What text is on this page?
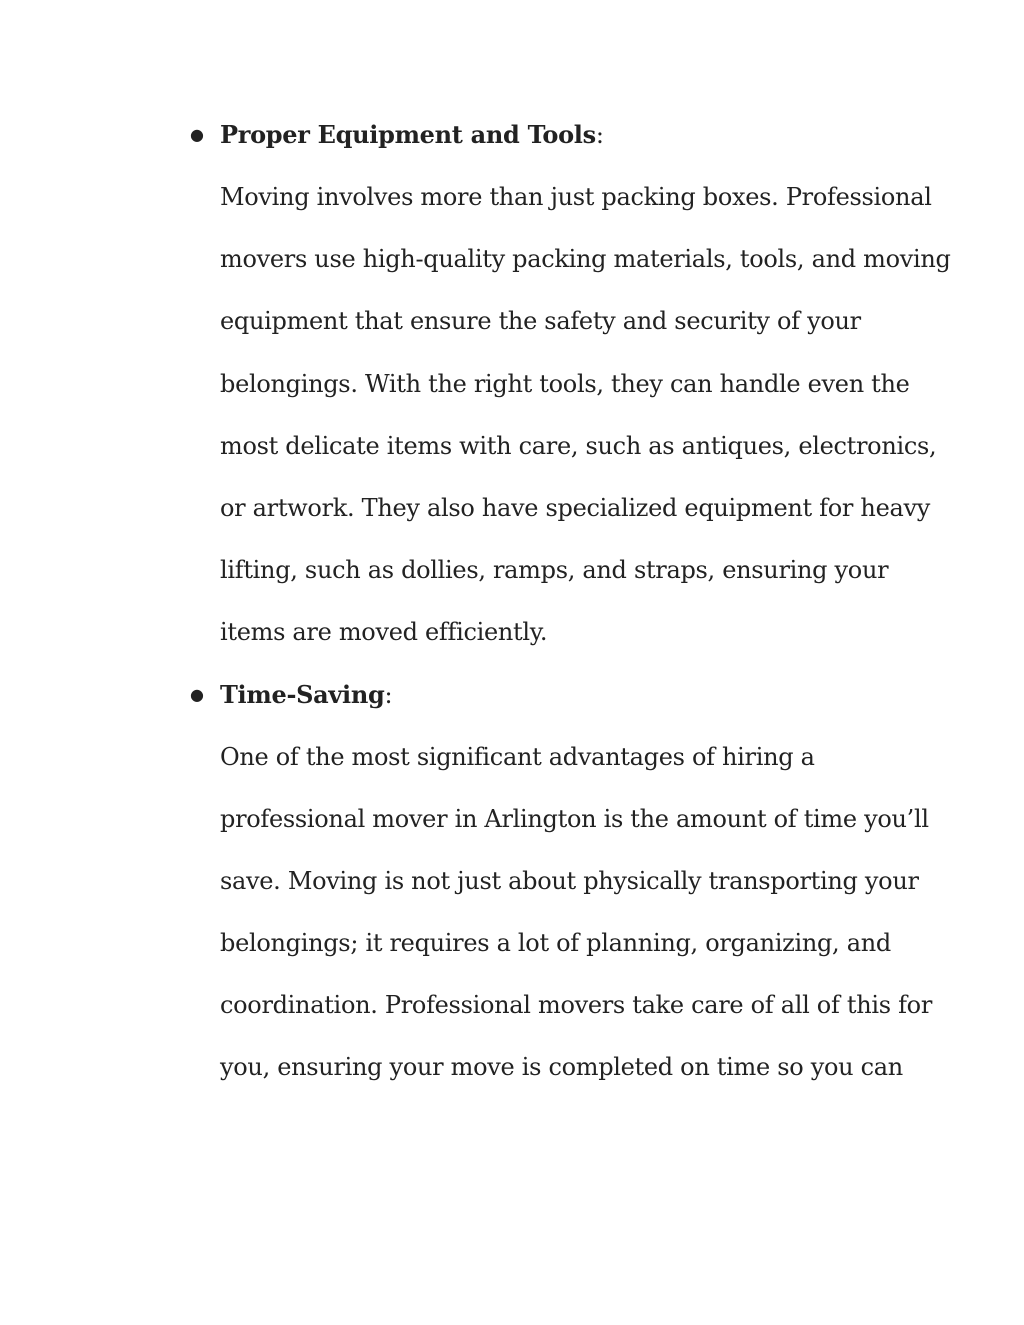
● Proper Equipment and Tools:
Moving involves more than just packing boxes. Professional
movers use high-quality packing materials, tools, and moving
equipment that ensure the safety and security of your
belongings. With the right tools, they can handle even the
most delicate items with care, such as antiques, electronics,
or artwork. They also have specialized equipment for heavy
lifting, such as dollies, ramps, and straps, ensuring your
items are moved efficiently.
● Time-Saving:
One of the most significant advantages of hiring a
professional mover in Arlington is the amount of time you’ll
save. Moving is not just about physically transporting your
belongings; it requires a lot of planning, organizing, and
coordination. Professional movers take care of all of this for
you, ensuring your move is completed on time so you can
